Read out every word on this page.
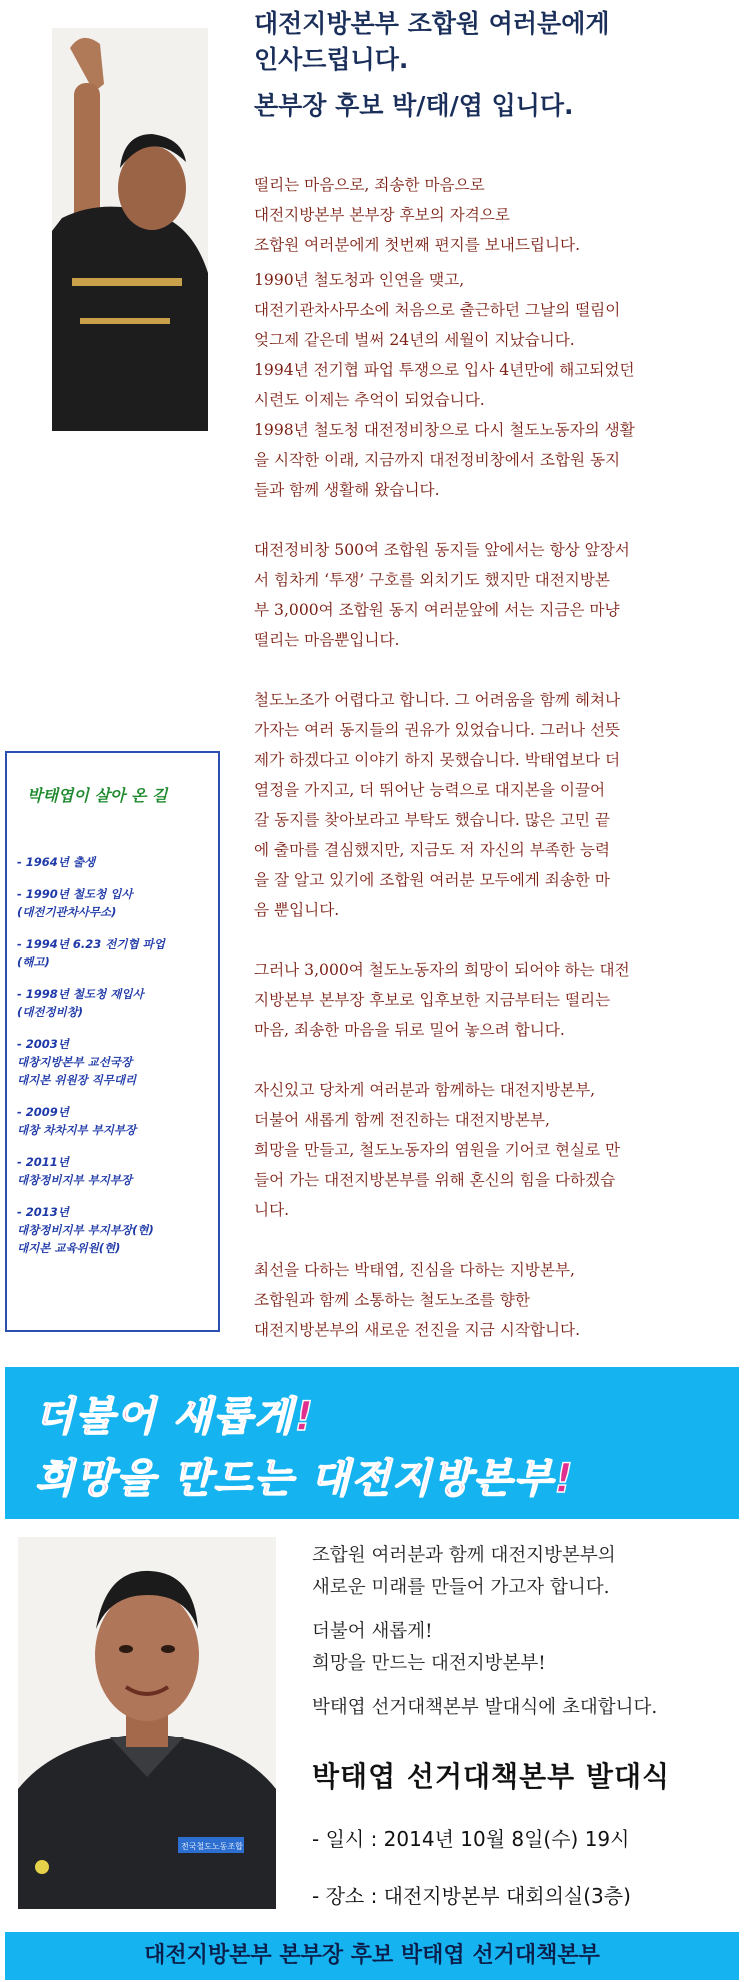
대전지방본부 조합원 여러분에게
인사드립니다.
본부장 후보 박/태/엽 입니다.

떨리는 마음으로, 죄송한 마음으로
대전지방본부 본부장 후보의 자격으로
조합원 여러분에게 첫번째 편지를 보내드립니다.

1990년 철도청과 인연을 맺고,
대전기관차사무소에 처음으로 출근하던 그날의 떨림이
엊그제 같은데 벌써 24년의 세월이 지났습니다.
1994년 전기협 파업 투쟁으로 입사 4년만에 해고되었던
시련도 이제는 추억이 되었습니다.
1998년 철도청 대전정비창으로 다시 철도노동자의 생활
을 시작한 이래, 지금까지 대전정비창에서 조합원 동지
들과 함께 생활해 왔습니다.

대전정비창 500여 조합원 동지들 앞에서는 항상 앞장서
서 힘차게 ‘투쟁’ 구호를 외치기도 했지만 대전지방본
부 3,000여 조합원 동지 여러분앞에 서는 지금은 마냥
떨리는 마음뿐입니다.

철도노조가 어렵다고 합니다. 그 어려움을 함께 헤쳐나
가자는 여러 동지들의 권유가 있었습니다. 그러나 선뜻
제가 하겠다고 이야기 하지 못했습니다. 박태엽보다 더
열정을 가지고, 더 뛰어난 능력으로 대지본을 이끌어
갈 동지를 찾아보라고 부탁도 했습니다. 많은 고민 끝
에 출마를 결심했지만, 지금도 저 자신의 부족한 능력
을 잘 알고 있기에 조합원 여러분 모두에게 죄송한 마
음 뿐입니다.

그러나 3,000여 철도노동자의 희망이 되어야 하는 대전
지방본부 본부장 후보로 입후보한 지금부터는 떨리는
마음, 죄송한 마음을 뒤로 밀어 놓으려 합니다.

자신있고 당차게 여러분과 함께하는 대전지방본부,
더불어 새롭게 함께 전진하는 대전지방본부,
희망을 만들고, 철도노동자의 염원을 기어코 현실로 만
들어 가는 대전지방본부를 위해 혼신의 힘을 다하겠습
니다.

최선을 다하는 박태엽, 진심을 다하는 지방본부,
조합원과 함께 소통하는 철도노조를 향한
대전지방본부의 새로운 전진을 지금 시작합니다.

박태엽이 살아 온 길
- 1964년 출생
- 1990년 철도청 입사
(대전기관차사무소)
- 1994년 6.23 전기협 파업
(해고)
- 1998년 철도청 재입사
(대전정비창)
- 2003년
대창지방본부 교선국장
대지본 위원장 직무대리
- 2009년
대창 차차지부 부지부장
- 2011년
대창정비지부 부지부장
- 2013년
대창정비지부 부지부장(현)
대지본 교육위원(현)
더불어 새롭게!
희망을 만드는 대전지방본부!
전국철도노동조합

조합원 여러분과 함께 대전지방본부의
새로운 미래를 만들어 가고자 합니다.

더불어 새롭게!
희망을 만드는 대전지방본부!

박태엽 선거대책본부 발대식에 초대합니다.

박태엽 선거대책본부 발대식
- 일시 : 2014년 10월 8일(수) 19시
- 장소 : 대전지방본부 대회의실(3층)
대전지방본부 본부장 후보 박태엽 선거대책본부
